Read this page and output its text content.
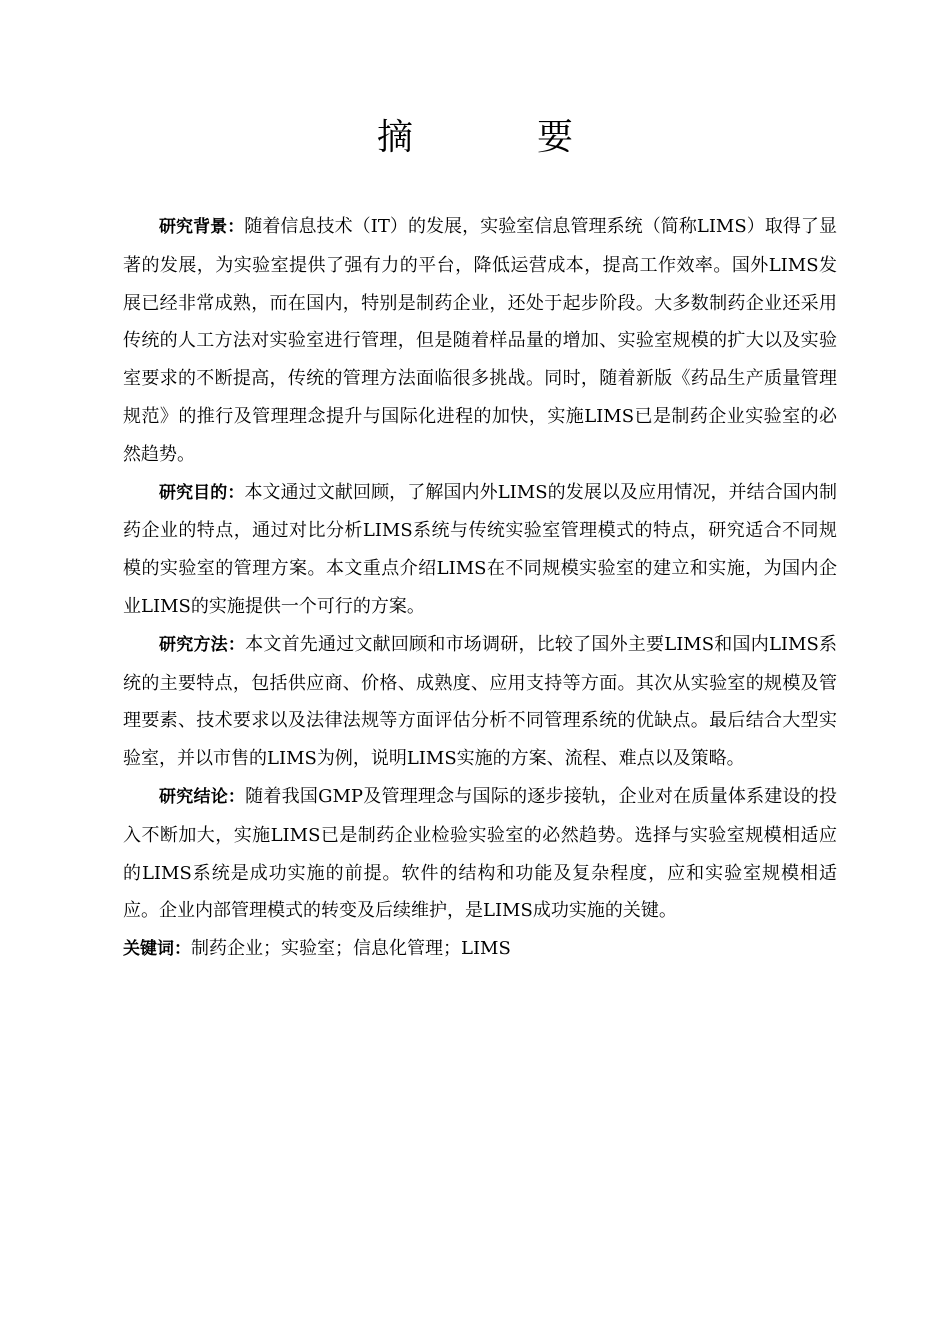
摘　要

研究背景：随着信息技术（IT）的发展，实验室信息管理系统（简称LIMS）取得了显著的发展，为实验室提供了强有力的平台，降低运营成本，提高工作效率。国外LIMS发展已经非常成熟，而在国内，特别是制药企业，还处于起步阶段。大多数制药企业还采用传统的人工方法对实验室进行管理，但是随着样品量的增加、实验室规模的扩大以及实验室要求的不断提高，传统的管理方法面临很多挑战。同时，随着新版《药品生产质量管理规范》的推行及管理理念提升与国际化进程的加快，实施LIMS已是制药企业实验室的必然趋势。

研究目的：本文通过文献回顾，了解国内外LIMS的发展以及应用情况，并结合国内制药企业的特点，通过对比分析LIMS系统与传统实验室管理模式的特点，研究适合不同规模的实验室的管理方案。本文重点介绍LIMS在不同规模实验室的建立和实施，为国内企业LIMS的实施提供一个可行的方案。

研究方法：本文首先通过文献回顾和市场调研，比较了国外主要LIMS和国内LIMS系统的主要特点，包括供应商、价格、成熟度、应用支持等方面。其次从实验室的规模及管理要素、技术要求以及法律法规等方面评估分析不同管理系统的优缺点。最后结合大型实验室，并以市售的LIMS为例，说明LIMS实施的方案、流程、难点以及策略。

研究结论：随着我国GMP及管理理念与国际的逐步接轨，企业对在质量体系建设的投入不断加大，实施LIMS已是制药企业检验实验室的必然趋势。选择与实验室规模相适应的LIMS系统是成功实施的前提。软件的结构和功能及复杂程度，应和实验室规模相适应。企业内部管理模式的转变及后续维护，是LIMS成功实施的关键。

关键词：制药企业；实验室；信息化管理；LIMS
